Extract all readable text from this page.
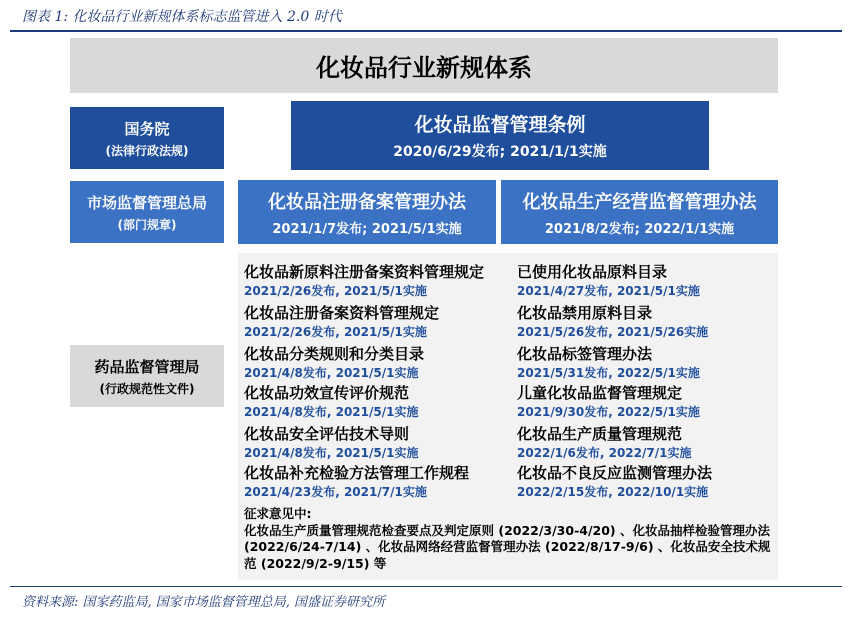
图表 1: 化妆品行业新规体系标志监管进入 2.0 时代
化妆品行业新规体系
国务院
(法律行政法规)
市场监督管理总局
(部门规章)
药品监督管理局
(行政规范性文件)
化妆品监督管理条例
2020/6/29发布; 2021/1/1实施
化妆品注册备案管理办法
2021/1/7发布; 2021/5/1实施
化妆品生产经营监督管理办法
2021/8/2发布; 2022/1/1实施
化妆品新原料注册备案资料管理规定
2021/2/26发布, 2021/5/1实施
化妆品注册备案资料管理规定
2021/2/26发布, 2021/5/1实施
化妆品分类规则和分类目录
2021/4/8发布, 2021/5/1实施
化妆品功效宣传评价规范
2021/4/8发布, 2021/5/1实施
化妆品安全评估技术导则
2021/4/8发布, 2021/5/1实施
化妆品补充检验方法管理工作规程
2021/4/23发布, 2021/7/1实施
已使用化妆品原料目录
2021/4/27发布, 2021/5/1实施
化妆品禁用原料目录
2021/5/26发布, 2021/5/26实施
化妆品标签管理办法
2021/5/31发布, 2022/5/1实施
儿童化妆品监督管理规定
2021/9/30发布, 2022/5/1实施
化妆品生产质量管理规范
2022/1/6发布, 2022/7/1实施
化妆品不良反应监测管理办法
2022/2/15发布, 2022/10/1实施
征求意见中:
化妆品生产质量管理规范检查要点及判定原则 (2022/3/30-4/20) 、化妆品抽样检验管理办法 (2022/6/24-7/14) 、化妆品网络经营监督管理办法 (2022/8/17-9/6) 、化妆品安全技术规范 (2022/9/2-9/15) 等
资料来源: 国家药监局, 国家市场监督管理总局, 国盛证券研究所
